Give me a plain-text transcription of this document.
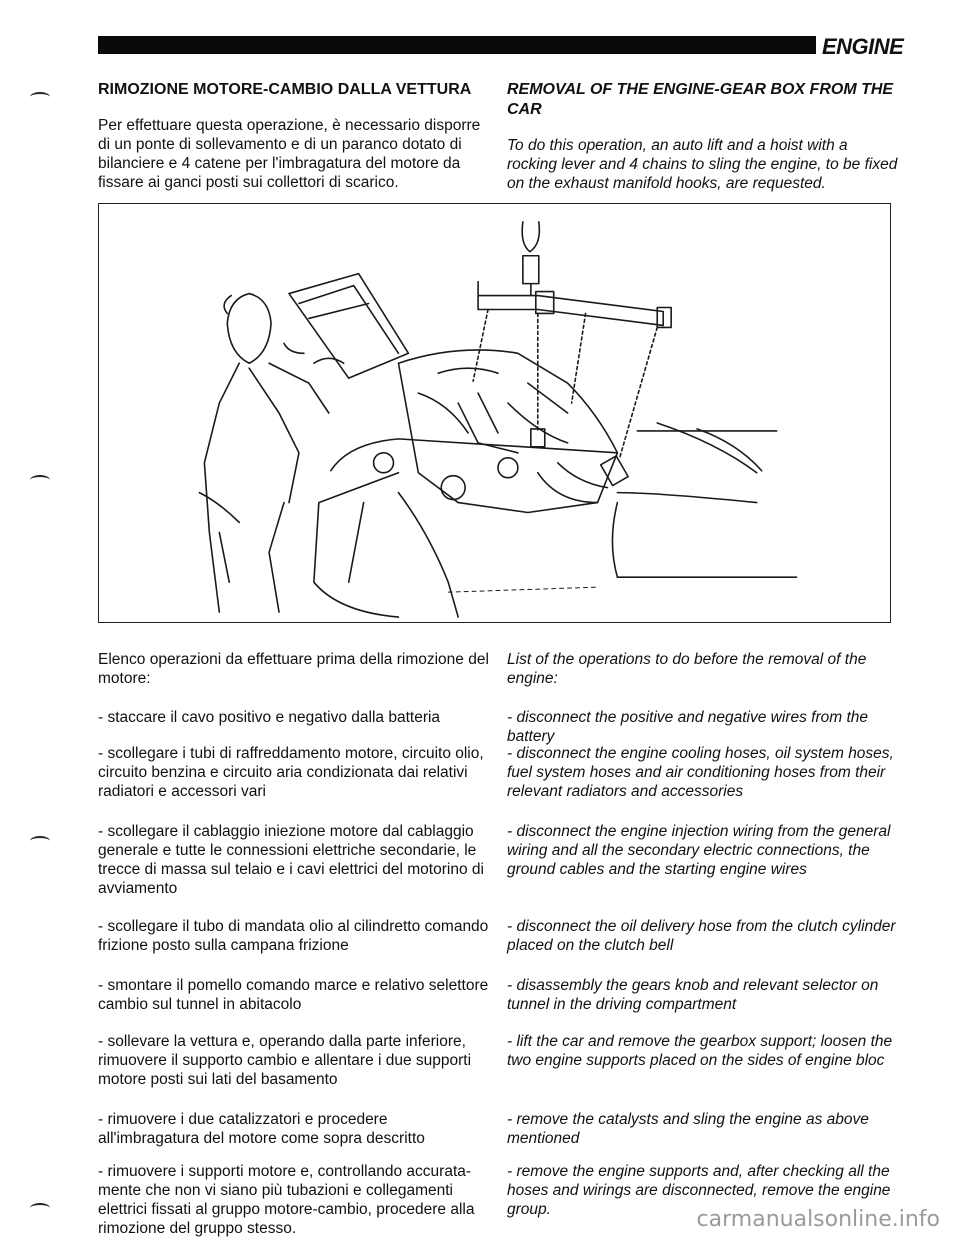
ENGINE
RIMOZIONE MOTORE-CAMBIO DALLA VETTURA

Per effettuare questa operazione, è necessario disporre di un ponte di sollevamento e di un paranco dotato di bilanciere e 4 catene per l'imbragatura del motore da fissare ai ganci posti sui collettori di scarico.

REMOVAL OF THE ENGINE-GEAR BOX FROM THE CAR

To do this operation, an auto lift and a hoist with a rocking lever and 4 chains to sling the engine, to be fixed on the exhaust manifold hooks, are requested.

Elenco operazioni da effettuare prima della rimozione del motore:
List of the operations to do before the removal of the engine:
- staccare il cavo positivo e negativo dalla batteria	- disconnect the positive and negative wires from the battery
- scollegare i tubi di raffreddamento motore, circuito olio, circuito benzina e circuito aria condizionata dai relativi radiatori e accessori vari
- disconnect the engine cooling hoses, oil system hoses, fuel system hoses and air conditioning hoses from their relevant radiators and accessories
- scollegare il cablaggio iniezione motore dal cablaggio generale e tutte le connessioni elettriche secondarie, le trecce di massa sul telaio e i cavi elettrici del motorino di avviamento
- disconnect the engine injection wiring from the general wiring and all the secondary electric connections, the ground cables and the starting engine wires
- scollegare il tubo di mandata olio al cilindretto comando frizione posto sulla campana frizione
- disconnect the oil delivery hose from the clutch cylinder placed on the clutch bell
- smontare il pomello comando marce e relativo selettore cambio sul tunnel in abitacolo
- disassembly the gears knob and relevant selector on tunnel in the driving compartment
- sollevare la vettura e, operando dalla parte inferiore, rimuovere il supporto cambio e allentare i due supporti motore posti sui lati del basamento
- lift the car and remove the gearbox support; loosen the two engine supports placed on the sides of engine bloc
- rimuovere i due catalizzatori e procedere all'imbragatura del motore come sopra descritto
- remove the catalysts and sling the engine as above mentioned
- rimuovere i supporti motore e, controllando accurata-mente che non vi siano più tubazioni e collegamenti elettrici fissati al gruppo motore-cambio, procedere alla rimozione del gruppo stesso.
- remove the engine supports and, after checking all the hoses and wirings are disconnected, remove the engine group.	carmanualsonline.info
